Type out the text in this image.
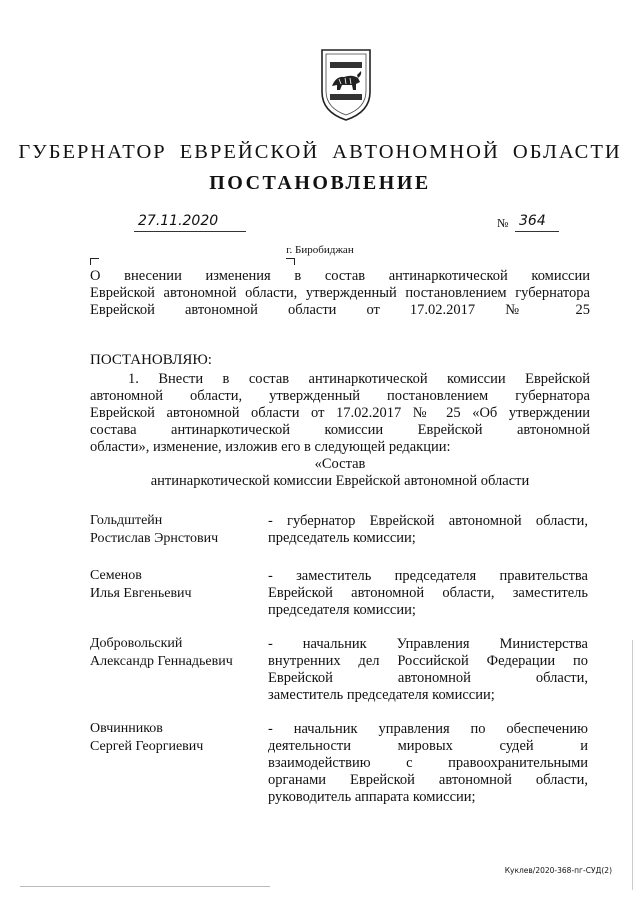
ГУБЕРНАТОР ЕВРЕЙСКОЙ АВТОНОМНОЙ ОБЛАСТИ
ПОСТАНОВЛЕНИЕ
27.11.2020	№ 364
г. Биробиджан
О внесении изменения в состав антинаркотической комиссии
Еврейской автономной области, утвержденный постановлением губернатора
Еврейской автономной области от 17.02.2017 № 25
ПОСТАНОВЛЯЮ:
1. Внести в состав антинаркотической комиссии Еврейской
автономной области, утвержденный постановлением губернатора
Еврейской автономной области от 17.02.2017 № 25 «Об утверждении
состава антинаркотической комиссии Еврейской автономной
области», изменение, изложив его в следующей редакции:
«Состав
антинаркотической комиссии Еврейской автономной области
Гольдштейн
Ростислав Эрнстович
- губернатор Еврейской автономной области,
председатель комиссии;
Семенов
Илья Евгеньевич
- заместитель председателя правительства
Еврейской автономной области, заместитель
председателя комиссии;
Добровольский
Александр Геннадьевич
- начальник Управления Министерства
внутренних дел Российской Федерации по
Еврейской автономной области,
заместитель председателя комиссии;
Овчинников
Сергей Георгиевич
- начальник управления по обеспечению
деятельности мировых судей и
взаимодействию с правоохранительными
органами Еврейской автономной области,
руководитель аппарата комиссии;
Куклев/2020-368-пг-СУД(2)
